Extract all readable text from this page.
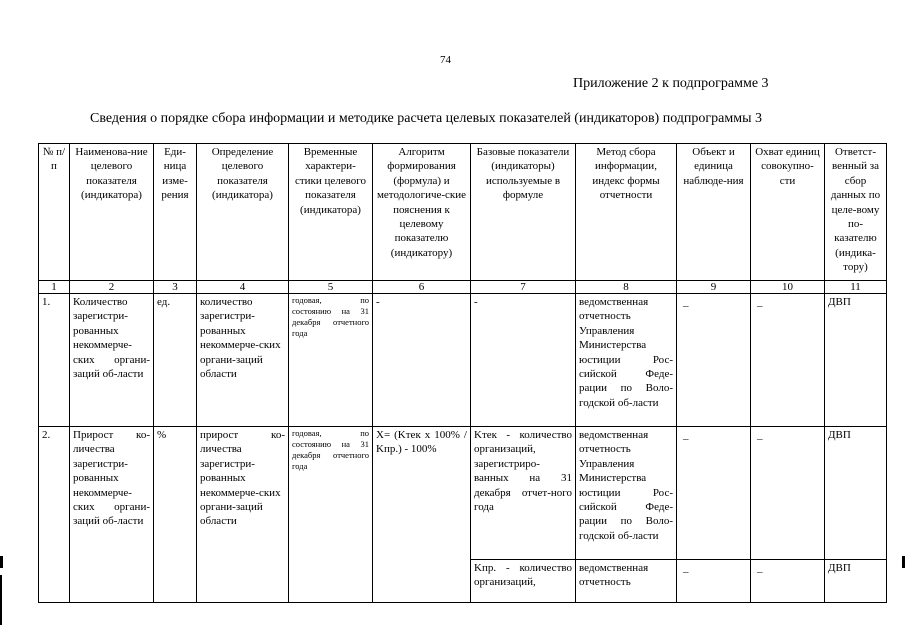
74
Приложение 2 к подпрограмме 3
Сведения о порядке сбора информации и методике расчета целевых показателей (индикаторов) подпрограммы 3
№ п/п	Наименова-ние целевого показателя (индикатора)	Еди-ница изме-рения	Определение целевого показателя (индикатора)	Временные характери-стики целевого показателя (индикатора)	Алгоритм формирования (формула) и методологиче-ские пояснения к целевому показателю (индикатору)	Базовые показатели (индикаторы) используемые в формуле	Метод сбора информации, индекс формы отчетности	Объект и единица наблюде-ния	Охват единиц совокупно-сти	Ответст-венный за сбор данных по целе-вому по-казателю (индика-тору)
1	2	3	4	5	6	7	8	9	10	11
1.	Количество зарегистри-рованных некоммерче-ских органи-заций об-ласти	ед.	количество зарегистри-рованных некоммерче-ских органи-заций области	годовая, по состоянию на 31 декабря отчетного года	-	-	ведомственная отчетность Управления Министерства юстиции Рос-сийской Феде-рации по Воло-годской об-ласти	_	_	ДВП
2.	Прирост ко-личества зарегистри-рованных некоммерче-ских органи-заций об-ласти	%	прирост ко-личества зарегистри-рованных некоммерче-ских органи-заций области	годовая, по состоянию на 31 декабря отчетного года	X= (Kтек x 100% / Kпр.) - 100%	Kтек - количество организаций, зарегистриро-ванных на 31 декабря отчет-ного года	ведомственная отчетность Управления Министерства юстиции Рос-сийской Феде-рации по Воло-годской об-ласти	_	_	ДВП
						Kпр. - количество организаций,	ведомственная отчетность	_	_	ДВП
